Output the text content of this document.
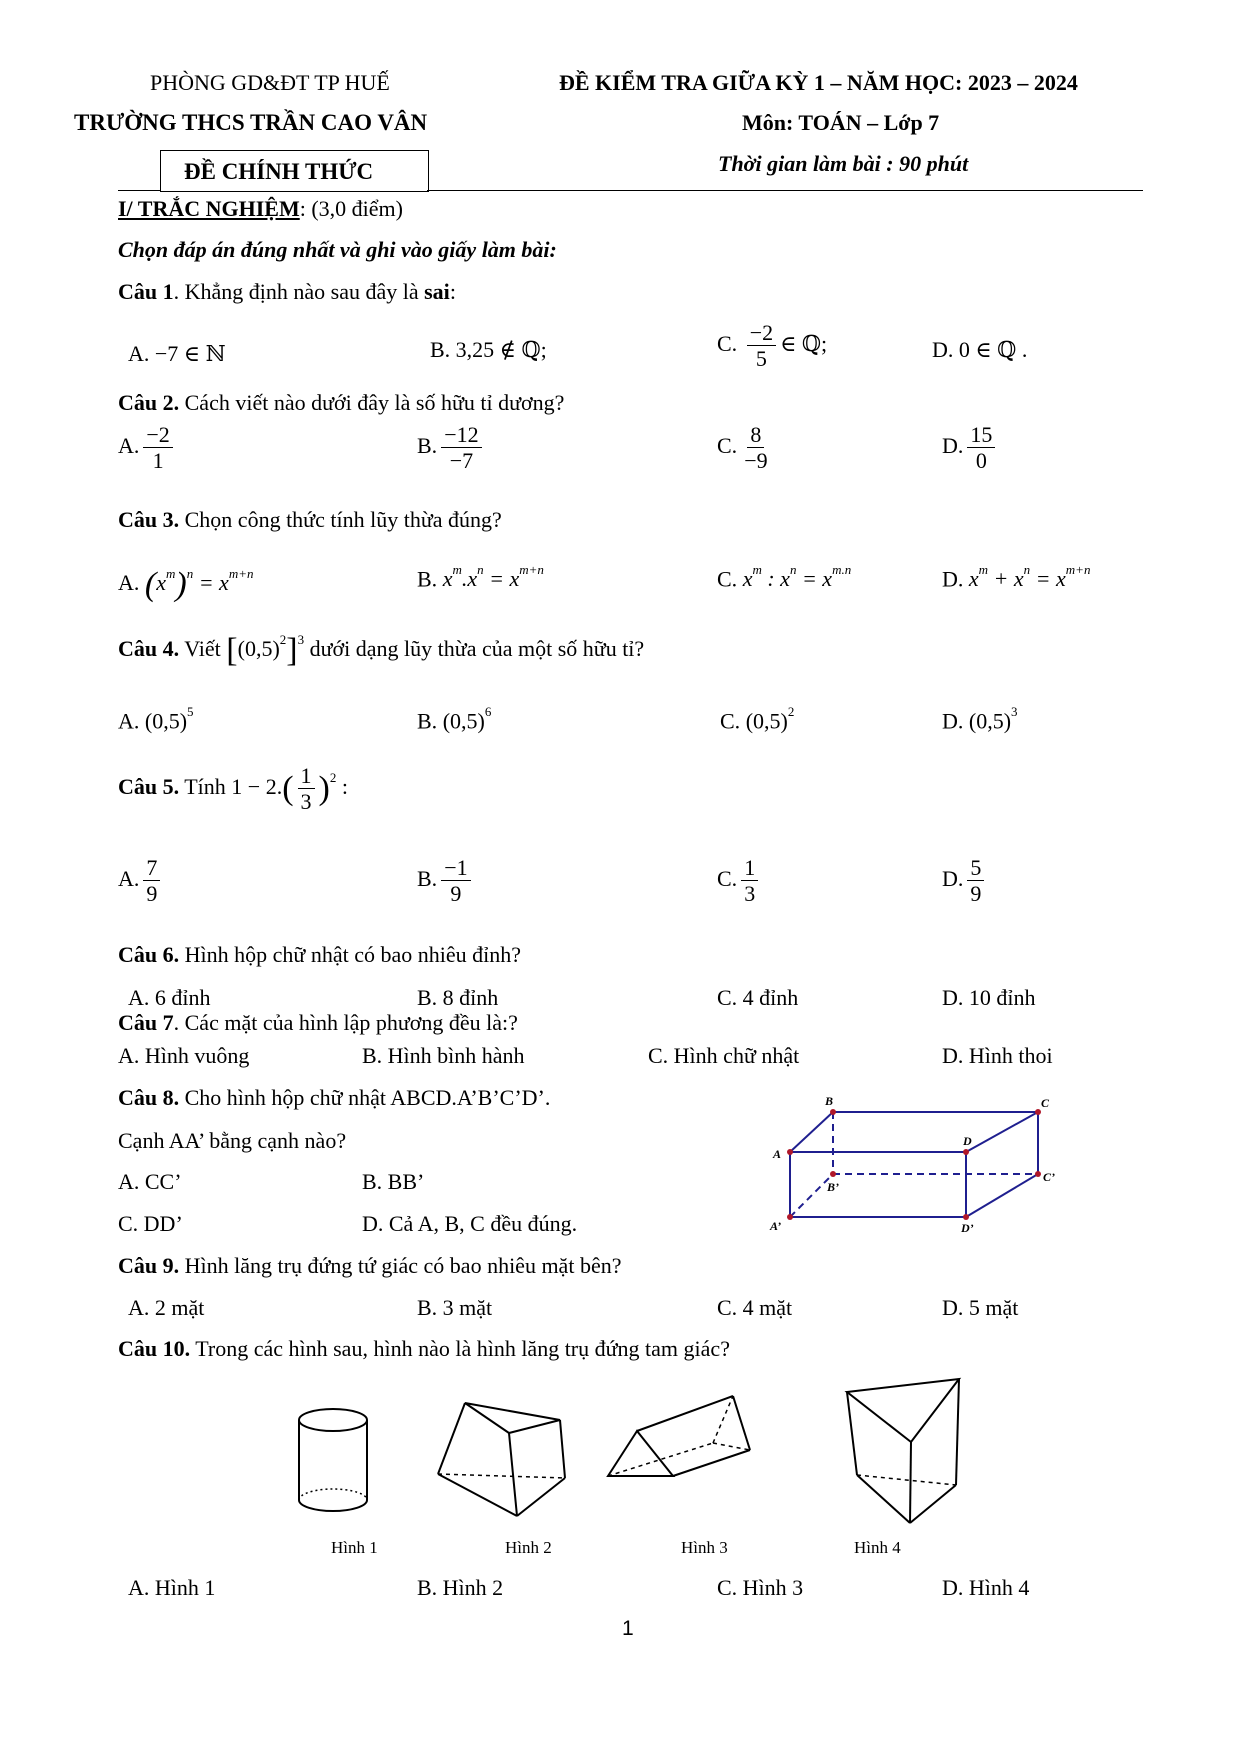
PHÒNG GD&ĐT TP HUẾ
TRƯỜNG THCS TRẦN CAO VÂN
ĐỀ KIỂM TRA GIỮA KỲ 1 – NĂM HỌC: 2023 – 2024
Môn: TOÁN – Lớp 7
ĐỀ CHÍNH THỨC	Thời gian làm bài : 90 phút
I/ TRẮC NGHIỆM: (3,0 điểm)
Chọn đáp án đúng nhất và ghi vào giấy làm bài:
Câu 1. Khẳng định nào sau đây là sai:
A. −7 ∈ ℕ	B. 3,25 ∉ ℚ;	C. $\frac{-2}{5}$ ∈ ℚ;	D. 0 ∈ ℚ .
Câu 2. Cách viết nào dưới đây là số hữu tỉ dương?
A. $\frac{-2}{1}$	B. $\frac{-12}{-7}$	C. $\frac{8}{-9}$	D. $\frac{15}{0}$
Câu 3. Chọn công thức tính lũy thừa đúng?
A. $(x^m)^n = x^{m+n}$	B. $x^m.x^n = x^{m+n}$	C. $x^m$ : $x^n = x^{m.n}$	D. $x^m + x^n = x^{m+n}$
Câu 4. Viết $[(0,5)^2]^3$ dưới dạng lũy thừa của một số hữu tỉ?
A. $(0,5)^5$	B. $(0,5)^6$	C. $(0,5)^2$	D. $(0,5)^3$
Câu 5. Tính $1 - 2.( \frac{1}{3} )^2$ :
A. $\frac{7}{9}$	B. $\frac{-1}{9}$	C. $\frac{1}{3}$	D. $\frac{5}{9}$
Câu 6. Hình hộp chữ nhật có bao nhiêu đỉnh?
A. 6 đỉnh	B. 8 đỉnh	C. 4 đỉnh	D. 10 đỉnh
Câu 7. Các mặt của hình lập phương đều là:?
A. Hình vuông	B. Hình bình hành	C. Hình chữ nhật	D. Hình thoi
Câu 8. Cho hình hộp chữ nhật ABCD.A’B’C’D’.
Cạnh AA’ bằng cạnh nào?
A. CC’	B. BB’
C. DD’	D. Cả A, B, C đều đúng.
A
B	C
D
A’
B’
C’
D’
Câu 9. Hình lăng trụ đứng tứ giác có bao nhiêu mặt bên?
A. 2 mặt	B. 3 mặt	C. 4 mặt	D. 5 mặt
Câu 10. Trong các hình sau, hình nào là hình lăng trụ đứng tam giác?
Hình 1	Hình 2	Hình 3	Hình 4
A. Hình 1	B. Hình 2	C. Hình 3	D. Hình 4
1
